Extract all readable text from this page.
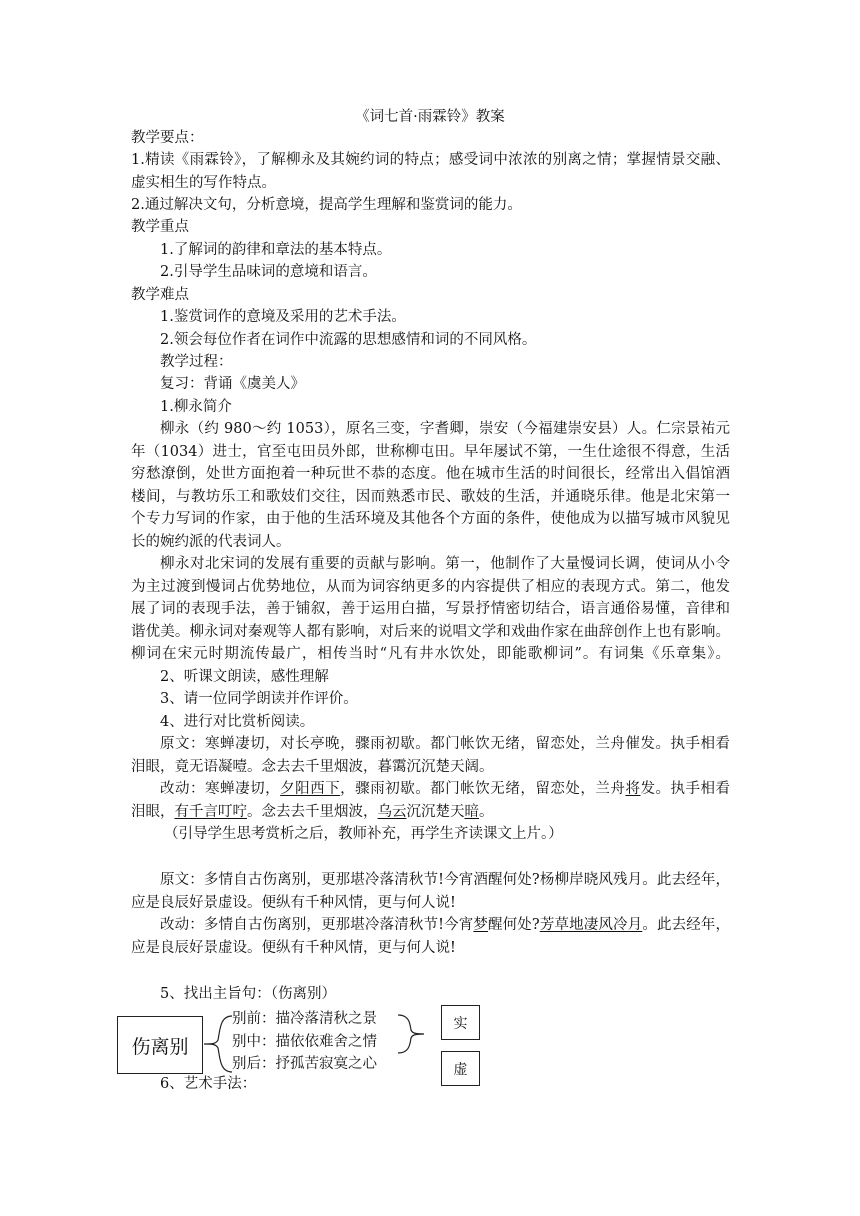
《词七首·雨霖铃》教案
教学要点：
1.精读《雨霖铃》，了解柳永及其婉约词的特点；感受词中浓浓的别离之情；掌握情景交融、
虚实相生的写作特点。
2.通过解决文句，分析意境，提高学生理解和鉴赏词的能力。
教学重点
1.了解词的韵律和章法的基本特点。
2.引导学生品味词的意境和语言。
教学难点
1.鉴赏词作的意境及采用的艺术手法。
2.领会每位作者在词作中流露的思想感情和词的不同风格。
教学过程：
复习：背诵《虞美人》
1.柳永简介
柳永（约 980～约 1053），原名三变，字耆卿，崇安（今福建崇安县）人。仁宗景祐元
年（1034）进士，官至屯田员外郎，世称柳屯田。早年屡试不第，一生仕途很不得意，生活
穷愁潦倒，处世方面抱着一种玩世不恭的态度。他在城市生活的时间很长，经常出入倡馆酒
楼间，与教坊乐工和歌妓们交往，因而熟悉市民、歌妓的生活，并通晓乐律。他是北宋第一
个专力写词的作家，由于他的生活环境及其他各个方面的条件，使他成为以描写城市风貌见
长的婉约派的代表词人。
柳永对北宋词的发展有重要的贡献与影响。第一，他制作了大量慢词长调，使词从小令
为主过渡到慢词占优势地位，从而为词容纳更多的内容提供了相应的表现方式。第二，他发
展了词的表现手法，善于铺叙，善于运用白描，写景抒情密切结合，语言通俗易懂，音律和
谐优美。柳永词对秦观等人都有影响，对后来的说唱文学和戏曲作家在曲辞创作上也有影响。
柳词在宋元时期流传最广，相传当时“凡有井水饮处，即能歌柳词”。有词集《乐章集》。
2、听课文朗读，感性理解
3、请一位同学朗读并作评价。
4、进行对比赏析阅读。
原文：寒蝉凄切，对长亭晚，骤雨初歇。都门帐饮无绪，留恋处，兰舟催发。执手相看
泪眼，竟无语凝噎。念去去千里烟波，暮霭沉沉楚天阔。
改动：寒蝉凄切，夕阳西下，骤雨初歇。都门帐饮无绪，留恋处，兰舟将发。执手相看
泪眼，有千言叮咛。念去去千里烟波，乌云沉沉楚天暗。
（引导学生思考赏析之后，教师补充，再学生齐读课文上片。）
原文：多情自古伤离别，更那堪冷落清秋节!今宵酒醒何处?杨柳岸晓风残月。此去经年，
应是良辰好景虚设。便纵有千种风情，更与何人说!
改动：多情自古伤离别，更那堪冷落清秋节!今宵梦醒何处?芳草地凄风冷月。此去经年，
应是良辰好景虚设。便纵有千种风情，更与何人说!
5、找出主旨句：（伤离别）
伤离别
别前：描冷落清秋之景
别中：描依依难舍之情
别后：抒孤苦寂寞之心
实
虚
6、艺术手法：
